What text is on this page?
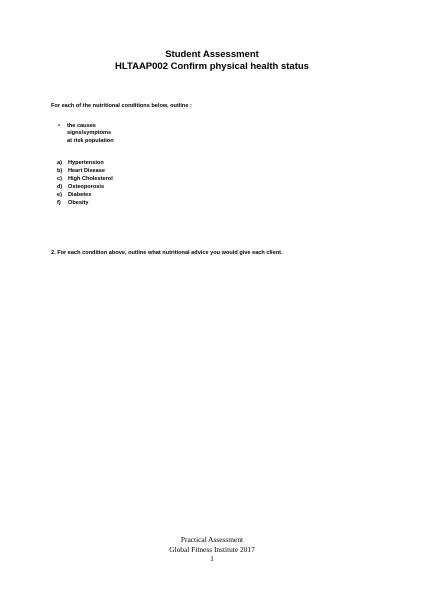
Student Assessment
HLTAAP002 Confirm physical health status
For each of the nutritional conditions below, outline :
•	the causes
signs/symptoms
at risk population
a)	Hypertension
b)	Heart Disease
c)	High Cholesterol
d)	Osteoporosis
e)	Diabetes
f)	Obesity
2. For each condition above, outline what nutritional advice you would give each client.
Practical Assessment
Global Fitness Institute 2017
1
